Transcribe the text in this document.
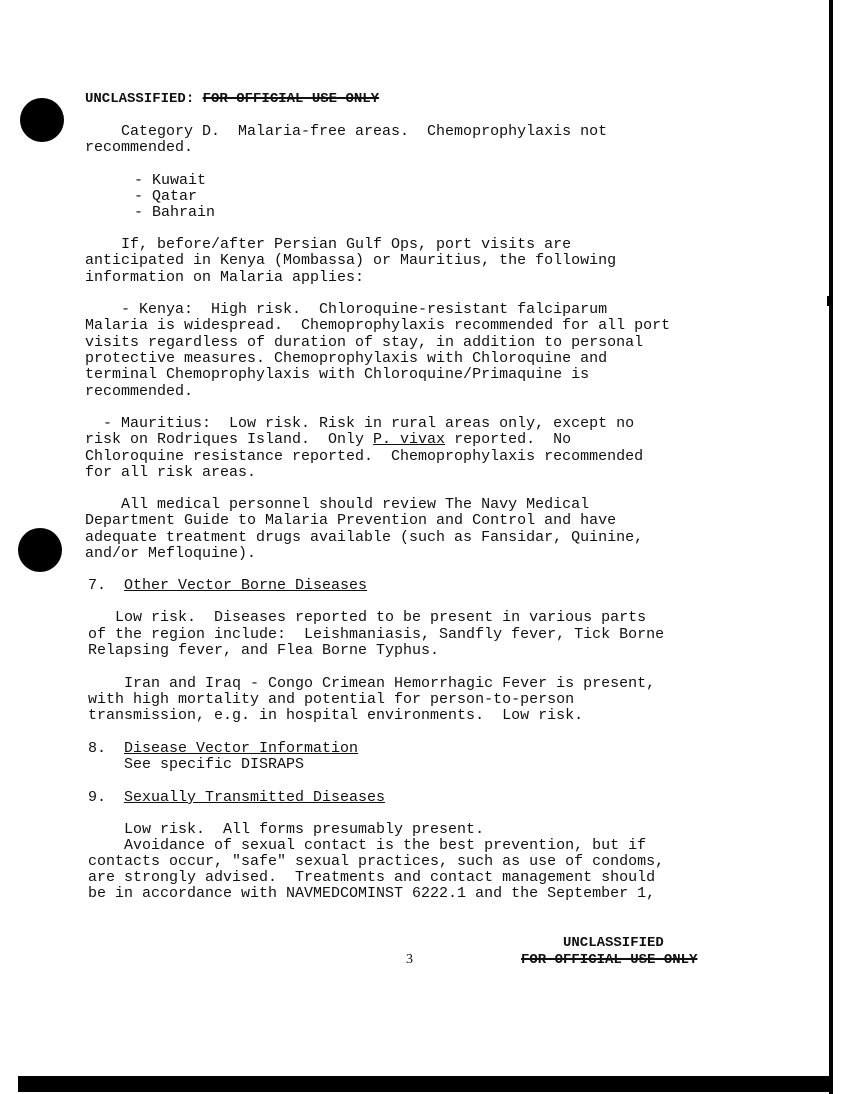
UNCLASSIFIED: FOR OFFICIAL USE ONLY
Category D.  Malaria-free areas.  Chemoprophylaxis not
recommended.
- Kuwait
- Qatar
- Bahrain
If, before/after Persian Gulf Ops, port visits are
anticipated in Kenya (Mombassa) or Mauritius, the following
information on Malaria applies:
- Kenya:  High risk.  Chloroquine-resistant falciparum
Malaria is widespread.  Chemoprophylaxis recommended for all port
visits regardless of duration of stay, in addition to personal
protective measures. Chemoprophylaxis with Chloroquine and
terminal Chemoprophylaxis with Chloroquine/Primaquine is
recommended.
- Mauritius:  Low risk. Risk in rural areas only, except no
risk on Rodriques Island.  Only P. vivax reported.  No
Chloroquine resistance reported.  Chemoprophylaxis recommended
for all risk areas.
All medical personnel should review The Navy Medical
Department Guide to Malaria Prevention and Control and have
adequate treatment drugs available (such as Fansidar, Quinine,
and/or Mefloquine).
7.  Other Vector Borne Diseases
Low risk.  Diseases reported to be present in various parts
of the region include:  Leishmaniasis, Sandfly fever, Tick Borne
Relapsing fever, and Flea Borne Typhus.
Iran and Iraq - Congo Crimean Hemorrhagic Fever is present,
with high mortality and potential for person-to-person
transmission, e.g. in hospital environments.  Low risk.
8.  Disease Vector Information
See specific DISRAPS
9.  Sexually Transmitted Diseases
Low risk.  All forms presumably present.
Avoidance of sexual contact is the best prevention, but if
contacts occur, "safe" sexual practices, such as use of condoms,
are strongly advised.  Treatments and contact management should
be in accordance with NAVMEDCOMINST 6222.1 and the September 1,
3
UNCLASSIFIED
FOR OFFICIAL USE ONLY
